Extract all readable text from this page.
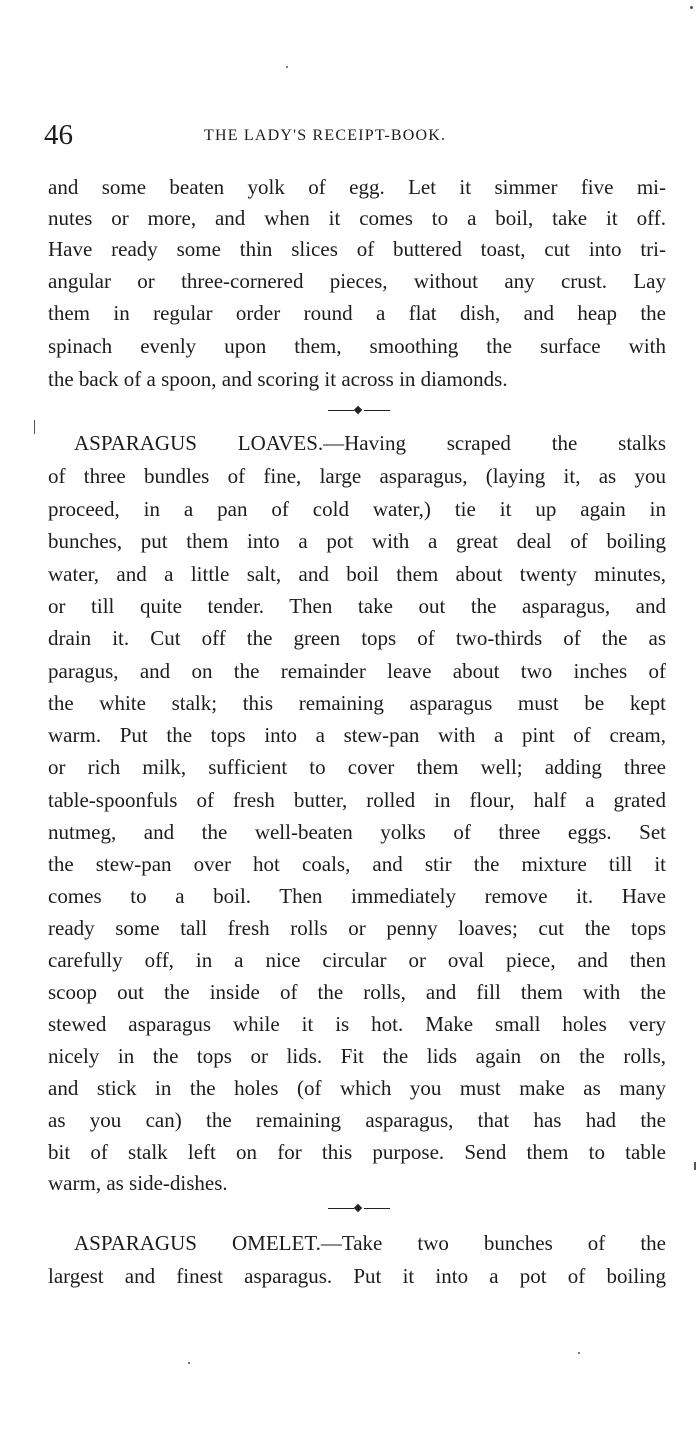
46	THE LADY'S RECEIPT-BOOK.
and some beaten yolk of egg. Let it simmer five mi-
nutes or more, and when it comes to a boil, take it off.
Have ready some thin slices of buttered toast, cut into tri-
angular or three-cornered pieces, without any crust. Lay
them in regular order round a flat dish, and heap the
spinach evenly upon them, smoothing the surface with
the back of a spoon, and scoring it across in diamonds.
ASPARAGUS LOAVES.—Having scraped the stalks
of three bundles of fine, large asparagus, (laying it, as you
proceed, in a pan of cold water,) tie it up again in
bunches, put them into a pot with a great deal of boiling
water, and a little salt, and boil them about twenty minutes,
or till quite tender. Then take out the asparagus, and
drain it. Cut off the green tops of two-thirds of the as
paragus, and on the remainder leave about two inches of
the white stalk; this remaining asparagus must be kept
warm. Put the tops into a stew-pan with a pint of cream,
or rich milk, sufficient to cover them well; adding three
table-spoonfuls of fresh butter, rolled in flour, half a grated
nutmeg, and the well-beaten yolks of three eggs. Set
the stew-pan over hot coals, and stir the mixture till it
comes to a boil. Then immediately remove it. Have
ready some tall fresh rolls or penny loaves; cut the tops
carefully off, in a nice circular or oval piece, and then
scoop out the inside of the rolls, and fill them with the
stewed asparagus while it is hot. Make small holes very
nicely in the tops or lids. Fit the lids again on the rolls,
and stick in the holes (of which you must make as many
as you can) the remaining asparagus, that has had the
bit of stalk left on for this purpose. Send them to table
warm, as side-dishes.
ASPARAGUS OMELET.—Take two bunches of the
largest and finest asparagus. Put it into a pot of boiling
